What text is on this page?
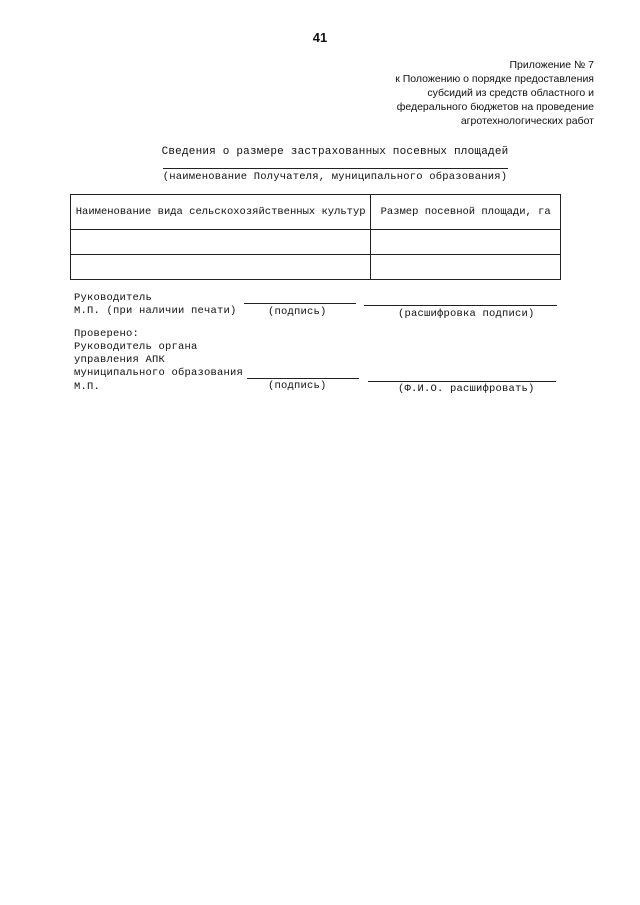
41
Приложение № 7
к Положению о порядке предоставления
субсидий из средств областного и
федерального бюджетов на проведение
агротехнологических работ
Сведения о размере застрахованных посевных площадей
(наименование Получателя, муниципального образования)
Наименование вида сельскохозяйственных культур	Размер посевной площади, га

Руководитель
М.П. (при наличии печати)	(подпись)	(расшифровка подписи)
Проверено:
Руководитель органа
управления АПК
муниципального образования
М.П.	(подпись)	(Ф.И.О. расшифровать)
